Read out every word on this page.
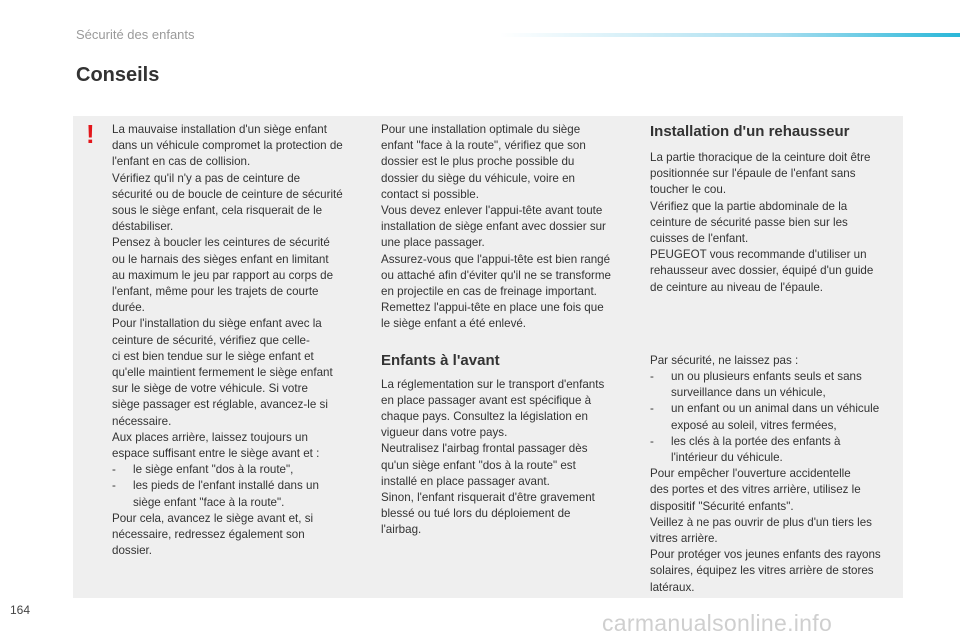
Sécurité des enfants
Conseils
! La mauvaise installation d'un siège enfant

dans un véhicule compromet la protection de

l'enfant en cas de collision.

Vérifiez qu'il n'y a pas de ceinture de

sécurité ou de boucle de ceinture de sécurité

sous le siège enfant, cela risquerait de le

déstabiliser.

Pensez à boucler les ceintures de sécurité

ou le harnais des sièges enfant en limitant

au maximum le jeu par rapport au corps de

l'enfant, même pour les trajets de courte

durée.

Pour l'installation du siège enfant avec la

ceinture de sécurité, vérifiez que celle-

ci est bien tendue sur le siège enfant et

qu'elle maintient fermement le siège enfant

sur le siège de votre véhicule. Si votre

siège passager est réglable, avancez-le si

nécessaire.

Aux places arrière, laissez toujours un

espace suffisant entre le siège avant et :

- le siège enfant "dos à la route",
- les pieds de l'enfant installé dans un
siège enfant "face à la route".

Pour cela, avancez le siège avant et, si

nécessaire, redressez également son

dossier.

Pour une installation optimale du siège

enfant "face à la route", vérifiez que son

dossier est le plus proche possible du

dossier du siège du véhicule, voire en

contact si possible.

Vous devez enlever l'appui-tête avant toute

installation de siège enfant avec dossier sur

une place passager.

Assurez-vous que l'appui-tête est bien rangé

ou attaché afin d'éviter qu'il ne se transforme

en projectile en cas de freinage important.

Remettez l'appui-tête en place une fois que

le siège enfant a été enlevé.

Enfants à l'avant

La réglementation sur le transport d'enfants

en place passager avant est spécifique à

chaque pays. Consultez la législation en

vigueur dans votre pays.

Neutralisez l'airbag frontal passager dès

qu'un siège enfant "dos à la route" est

installé en place passager avant.

Sinon, l'enfant risquerait d'être gravement

blessé ou tué lors du déploiement de

l'airbag.

Installation d'un rehausseur

La partie thoracique de la ceinture doit être

positionnée sur l'épaule de l'enfant sans

toucher le cou.

Vérifiez que la partie abdominale de la

ceinture de sécurité passe bien sur les

cuisses de l'enfant.

PEUGEOT vous recommande d'utiliser un

rehausseur avec dossier, équipé d'un guide

de ceinture au niveau de l'épaule.

Par sécurité, ne laissez pas :

- un ou plusieurs enfants seuls et sans
surveillance dans un véhicule,
- un enfant ou un animal dans un véhicule
exposé au soleil, vitres fermées,
- les clés à la portée des enfants à
l'intérieur du véhicule.

Pour empêcher l'ouverture accidentelle

des portes et des vitres arrière, utilisez le

dispositif "Sécurité enfants".

Veillez à ne pas ouvrir de plus d'un tiers les

vitres arrière.

Pour protéger vos jeunes enfants des rayons

solaires, équipez les vitres arrière de stores

latéraux.

164	carmanualsonline.info
